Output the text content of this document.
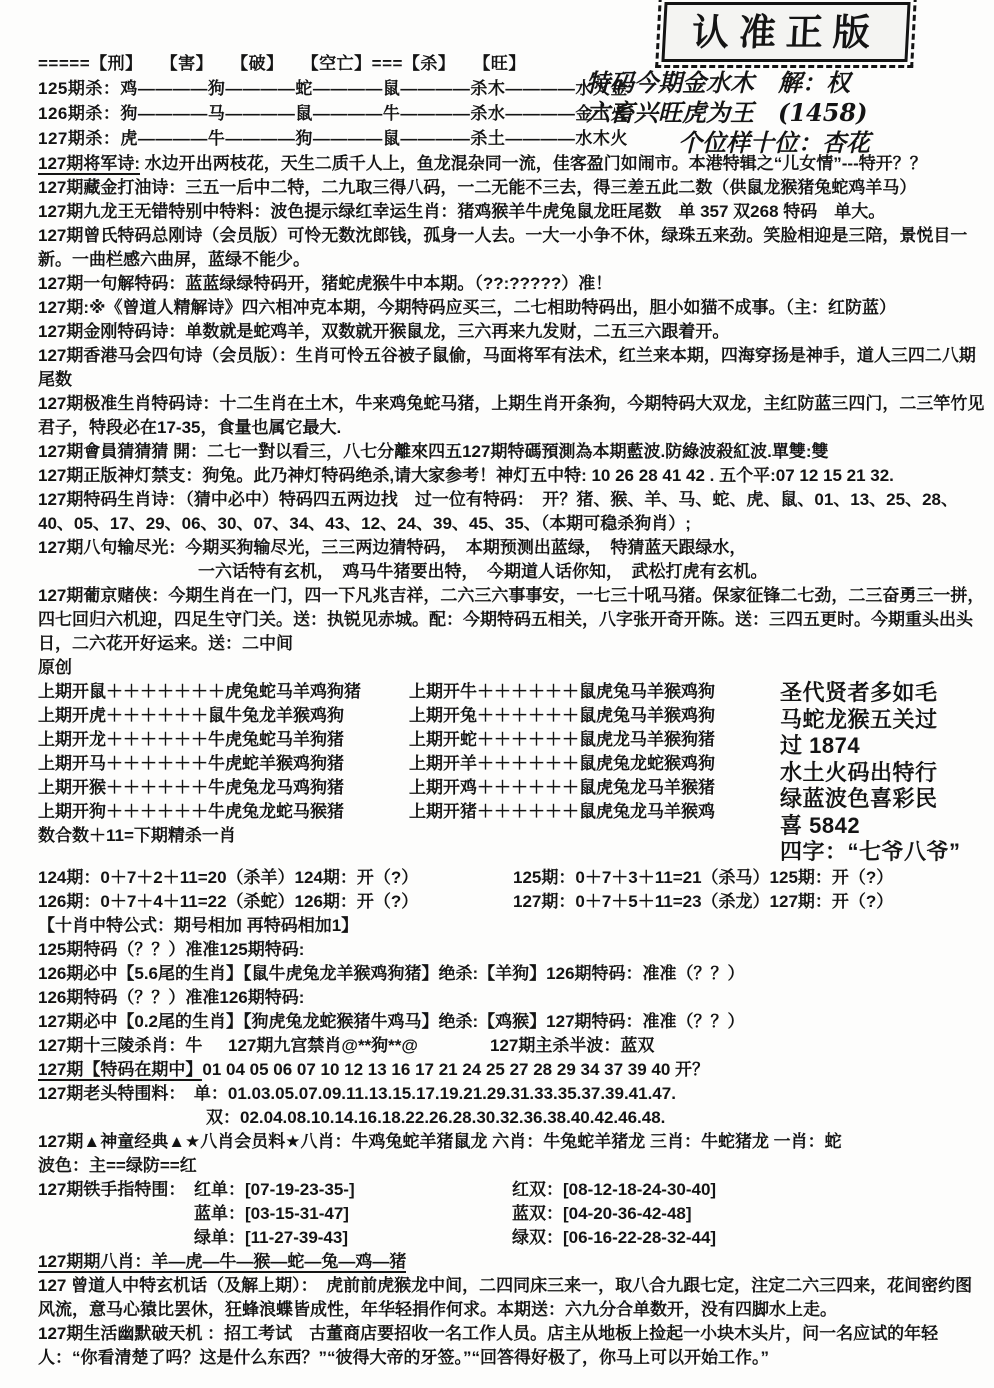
=====【刑】　　【害】　　【破】　　【空亡】===【杀】　　【旺】
125期杀：鸡————狗————蛇————鼠————杀木————水火金
126期杀：狗————马————鼠————牛————杀水————金土火
127期杀：虎————牛————狗————鼠————杀土————水木火
认准正版
特码今期金水木　解：权
六畜兴旺虎为王　(1458)
个位样十位：杏花
127期将军诗: 水边开出两枝花，天生二质千人上，鱼龙混杂同一流，佳客盈门如闹市。本港特辑之“儿女情”---特开？？
127期藏金打油诗：三五一后中二特，二九取三得八码，一二无能不三去，得三差五此二数（供鼠龙猴猪兔蛇鸡羊马）
127期九龙王无错特别中特料：波色提示绿红幸运生肖：猪鸡猴羊牛虎兔鼠龙旺尾数　单 357 双268 特码　单大。
127期曾氏特码总刚诗（会员版）可怜无数沈郎钱，孤身一人去。一大一小争不休，绿珠五来劲。笑脸相迎是三陪，景悦目一新。一曲栏感六曲屏，蓝绿不能少。
127期一句解特码：蓝蓝绿绿特码开，猪蛇虎猴牛中本期。（??:?????）准！
127期:※《曾道人精解诗》四六相冲克本期，今期特码应买三，二七相助特码出，胆小如猫不成事。（主：红防蓝）
127期金刚特码诗：单数就是蛇鸡羊，双数就开猴鼠龙，三六再来九发财，二五三六跟着开。
127期香港马会四句诗（会员版）：生肖可怜五谷被子鼠偷，马面将军有法术，红兰来本期，四海穿扬是神手，道人三四二八期尾数
127期极准生肖特码诗：十二生肖在土木，牛来鸡兔蛇马猪，上期生肖开条狗，今期特码大双龙，主红防蓝三四门，二三竿竹见君子，特段必在17-35，食量也属它最大.
127期會員猜猜猜 開：二七一對以看三，八七分離來四五127期特碼預測為本期藍波.防綠波殺紅波.單雙:雙
127期正版神灯禁支：狗兔。此乃神灯特码绝杀,请大家参考！神灯五中特: 10 26 28 41 42 . 五个平:07 12 15 21 32.
127期特码生肖诗：（猜中必中）特码四五两边找　过一位有特码：　开？猪、猴、羊、马、蛇、虎、鼠、01、13、25、28、40、05、17、29、06、30、07、34、43、12、24、39、45、35、（本期可稳杀狗肖）;
127期八句输尽光：今期买狗输尽光，三三两边猜特码，　本期预测出蓝绿，　特猜蓝天跟绿水，
一六话特有玄机，　鸡马牛猪要出特，　今期道人话你知，　武松打虎有玄机。
127期葡京赌侠：今期生肖在一门，四一下凡兆吉祥，二六三六事事安，一七三十吼马猪。保家征锋二七劲，二三奋勇三一拼，四七回归六机迎，四足生守门关。送：执锐见赤城。配：今期特码五相关，八字张开奇开陈。送：三四五更时。今期重头出头日，二六花开好运来。送：二中间
原创
上期开鼠＋＋＋＋＋＋＋虎兔蛇马羊鸡狗猪	上期开牛＋＋＋＋＋＋鼠虎兔马羊猴鸡狗
上期开虎＋＋＋＋＋＋鼠牛兔龙羊猴鸡狗	上期开兔＋＋＋＋＋＋鼠虎兔马羊猴鸡狗
上期开龙＋＋＋＋＋＋牛虎兔蛇马羊狗猪	上期开蛇＋＋＋＋＋＋鼠虎龙马羊猴狗猪
上期开马＋＋＋＋＋＋牛虎蛇羊猴鸡狗猪	上期开羊＋＋＋＋＋＋鼠虎兔龙蛇猴鸡狗
上期开猴＋＋＋＋＋＋牛虎兔龙马鸡狗猪	上期开鸡＋＋＋＋＋＋鼠虎兔龙马羊猴猪
上期开狗＋＋＋＋＋＋牛虎兔龙蛇马猴猪	上期开猪＋＋＋＋＋＋鼠虎兔龙马羊猴鸡
数合数＋11=下期精杀一肖
圣代贤者多如毛
马蛇龙猴五关过
过 1874
水土火码出特行
绿蓝波色喜彩民
喜 5842
四字：“七爷八爷”
124期：0＋7＋2＋11=20（杀羊）124期：开（?）	125期：0＋7＋3＋11=21（杀马）125期：开（?）
126期：0＋7＋4＋11=22（杀蛇）126期：开（?）	127期：0＋7＋5＋11=23（杀龙）127期：开（?）
【十肖中特公式：期号相加 再特码相加1】
125期特码（？？）准准125期特码:
126期必中【5.6尾的生肖】【鼠牛虎兔龙羊猴鸡狗猪】绝杀:【羊狗】126期特码：准准（？？）
126期特码（？？）准准126期特码:
127期必中【0.2尾的生肖】【狗虎兔龙蛇猴猪牛鸡马】绝杀:【鸡猴】127期特码：准准（？？）
127期十三陵杀肖：牛	127期九宫禁肖@**狗**@	127期主杀半波：蓝双
127期【特码在期中】01 04 05 06 07 10 12 13 16 17 21 24 25 27 28 29 34 37 39 40 开？
127期老头特围料：　单：01.03.05.07.09.11.13.15.17.19.21.29.31.33.35.37.39.41.47.
双：02.04.08.10.14.16.18.22.26.28.30.32.36.38.40.42.46.48.
127期▲神童经典▲★八肖会员料★八肖：牛鸡兔蛇羊猪鼠龙 六肖：牛兔蛇羊猪龙 三肖：牛蛇猪龙 一肖：蛇
波色：主==绿防==红
127期铁手指特围： 红单：[07-19-23-35-]	红双：[08-12-18-24-30-40]
蓝单：[03-15-31-47]	蓝双：[04-20-36-42-48]
绿单：[11-27-39-43]	绿双：[06-16-22-28-32-44]
127期期八肖：羊—虎—牛—猴—蛇—兔—鸡—猪
127 曾道人中特玄机话（及解上期）：　虎前前虎猴龙中间，二四同床三来一，取八合九跟七定，注定二六三四来，花间密约图风流，意马心猿比罢休，狂蜂浪蝶皆成性，年华轻捐作何求。本期送：六九分合单数开，没有四脚水上走。
127期生活幽默破天机 ：招工考试　古董商店要招收一名工作人员。店主从地板上捡起一小块木头片，问一名应试的年轻人：“你看清楚了吗？这是什么东西？”“彼得大帝的牙签。”“回答得好极了，你马上可以开始工作。”
